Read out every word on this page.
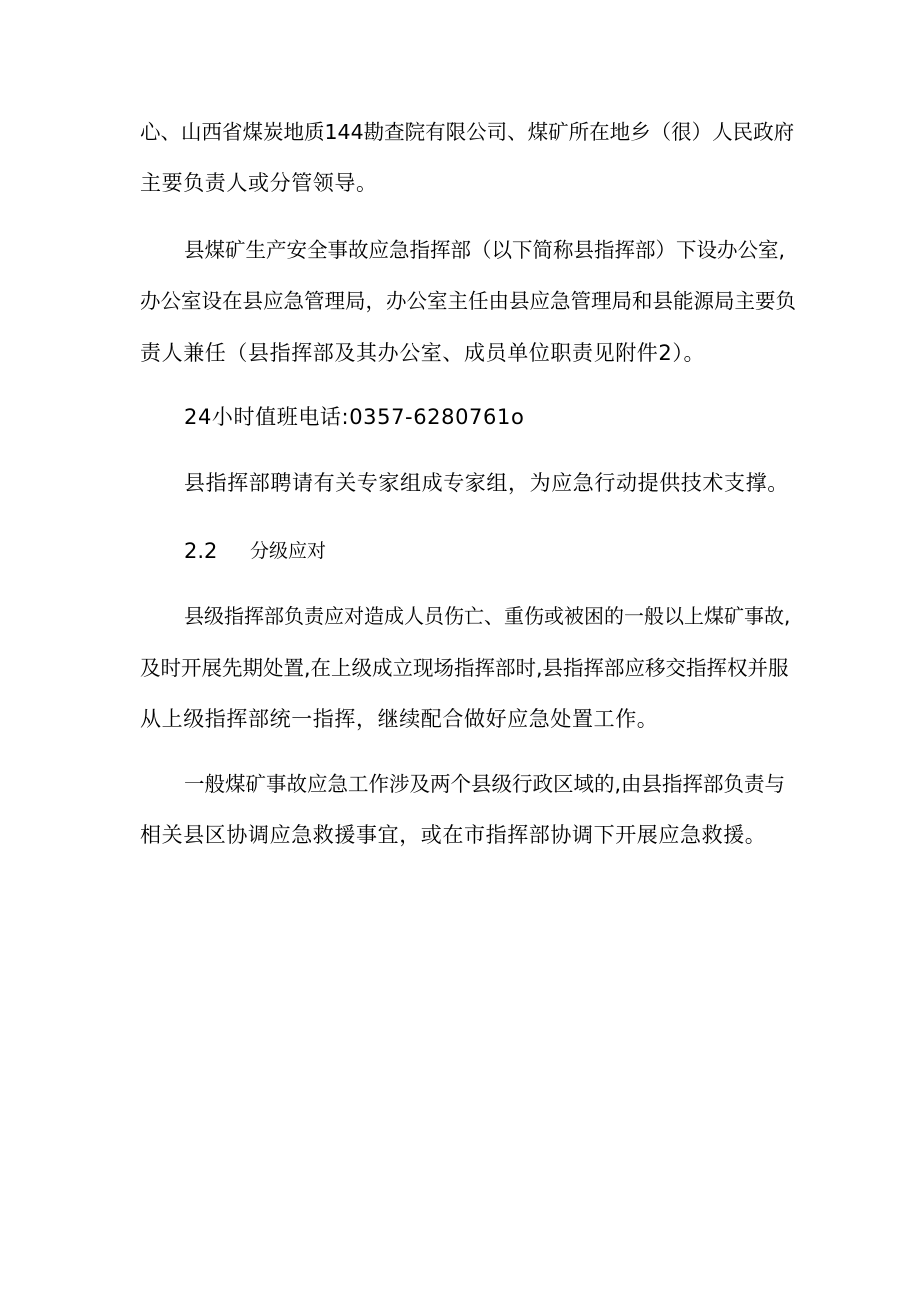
心、山西省煤炭地质144勘查院有限公司、煤矿所在地乡（很）人民政府
主要负责人或分管领导。
县煤矿生产安全事故应急指挥部（以下简称县指挥部）下设办公室,
办公室设在县应急管理局，办公室主任由县应急管理局和县能源局主要负
责人兼任（县指挥部及其办公室、成员单位职责见附件2）。
24小时值班电话:0357-6280761o
县指挥部聘请有关专家组成专家组，为应急行动提供技术支撑。
2.2 分级应对
县级指挥部负责应对造成人员伤亡、重伤或被困的一般以上煤矿事故,
及时开展先期处置,在上级成立现场指挥部时,县指挥部应移交指挥权并服
从上级指挥部统一指挥，继续配合做好应急处置工作。
一般煤矿事故应急工作涉及两个县级行政区域的,由县指挥部负责与
相关县区协调应急救援事宜，或在市指挥部协调下开展应急救援。
